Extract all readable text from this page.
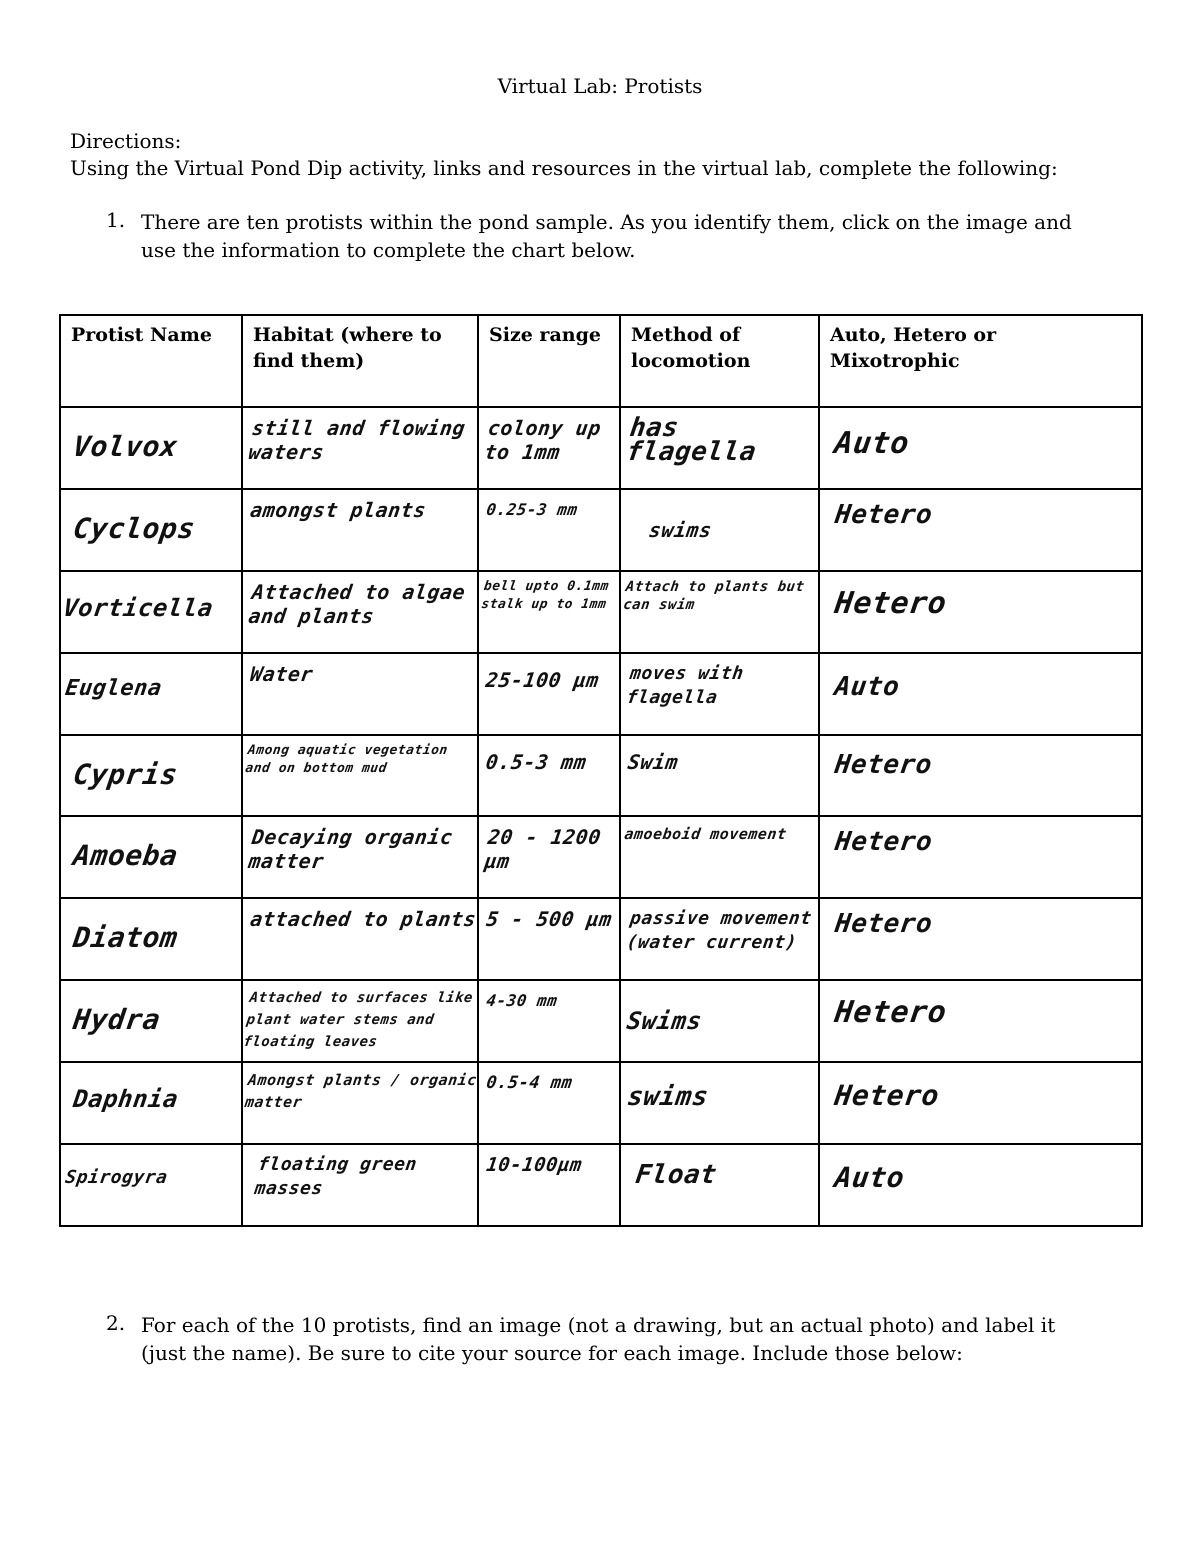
Virtual Lab: Protists
Directions:
Using the Virtual Pond Dip activity, links and resources in the virtual lab, complete the following:
1. There are ten protists within the pond sample. As you identify them, click on the image and use the information to complete the chart below.
Protist Name	Habitat (where to find them)	Size range	Method of locomotion	Auto, Hetero or Mixotrophic

Volvox	still and flowing waters	colony up to 1mm	has flagella	Auto

Cyclops	amongst plants	0.25-3 mm	swims	Hetero

Vorticella	Attached to algae and plants	bell upto 0.1mm stalk up to 1mm	Attach to plants but can swim	Hetero

Euglena	Water	25-100 µm	moves with flagella	Auto

Cypris	Among aquatic vegetation and on bottom mud	0.5-3 mm	Swim	Hetero

Amoeba	Decaying organic matter	20 - 1200 µm	amoeboid movement	Hetero

Diatom	attached to plants	5 - 500 µm	passive movement (water current)	Hetero

Hydra	Attached to surfaces like plant water stems and floating leaves	4-30 mm	Swims	Hetero

Daphnia	Amongst plants / organic matter	0.5-4 mm	swims	Hetero

Spirogyra	floating green masses	10-100µm	Float	Auto
2. For each of the 10 protists, find an image (not a drawing, but an actual photo) and label it (just the name). Be sure to cite your source for each image. Include those below:
